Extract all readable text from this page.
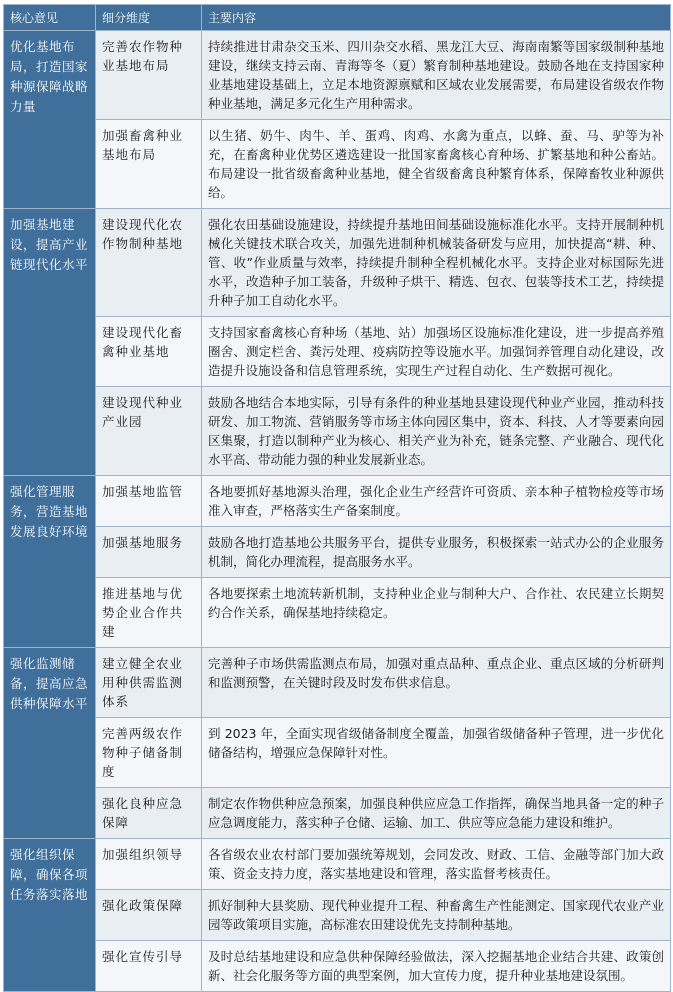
核心意见	细分维度	主要内容
优化基地布局，打造国家种源保障战略力量	完善农作物种业基地布局	持续推进甘肃杂交玉米、四川杂交水稻、黑龙江大豆、海南南繁等国家级制种基地建设，继续支持云南、青海等冬（夏）繁育制种基地建设。鼓励各地在支持国家种业基地建设基础上，立足本地资源禀赋和区域农业发展需要，布局建设省级农作物种业基地，满足多元化生产用种需求。
	加强畜禽种业基地布局	以生猪、奶牛、肉牛、羊、蛋鸡、肉鸡、水禽为重点，以蜂、蚕、马、驴等为补充，在畜禽种业优势区遴选建设一批国家畜禽核心育种场、扩繁基地和种公畜站。布局建设一批省级畜禽种业基地，健全省级畜禽良种繁育体系，保障畜牧业种源供给。
加强基地建设，提高产业链现代化水平	建设现代化农作物制种基地	强化农田基础设施建设，持续提升基地田间基础设施标准化水平。支持开展制种机械化关键技术联合攻关，加强先进制种机械装备研发与应用，加快提高“耕、种、管、收”作业质量与效率，持续提升制种全程机械化水平。支持企业对标国际先进水平，改造种子加工装备，升级种子烘干、精选、包衣、包装等技术工艺，持续提升种子加工自动化水平。
	建设现代化畜禽种业基地	支持国家畜禽核心育种场（基地、站）加强场区设施标准化建设，进一步提高养殖圈舍、测定栏舍、粪污处理、疫病防控等设施水平。加强饲养管理自动化建设，改造提升设施设备和信息管理系统，实现生产过程自动化、生产数据可视化。
	建设现代种业产业园	鼓励各地结合本地实际，引导有条件的种业基地县建设现代种业产业园，推动科技研发、加工物流、营销服务等市场主体向园区集中，资本、科技、人才等要素向园区集聚，打造以制种产业为核心、相关产业为补充，链条完整、产业融合、现代化水平高、带动能力强的种业发展新业态。
强化管理服务，营造基地发展良好环境	加强基地监管	各地要抓好基地源头治理，强化企业生产经营许可资质、亲本种子植物检疫等市场准入审查，严格落实生产备案制度。
	加强基地服务	鼓励各地打造基地公共服务平台，提供专业服务，积极探索一站式办公的企业服务机制，简化办理流程，提高服务水平。
	推进基地与优势企业合作共建	各地要探索土地流转新机制，支持种业企业与制种大户、合作社、农民建立长期契约合作关系，确保基地持续稳定。
强化监测储备，提高应急供种保障水平	建立健全农业用种供需监测体系	完善种子市场供需监测点布局，加强对重点品种、重点企业、重点区域的分析研判和监测预警，在关键时段及时发布供求信息。
	完善两级农作物种子储备制度	到 2023 年，全面实现省级储备制度全覆盖，加强省级储备种子管理，进一步优化储备结构，增强应急保障针对性。
	强化良种应急保障	制定农作物供种应急预案，加强良种供应应急工作指挥，确保当地具备一定的种子应急调度能力，落实种子仓储、运输、加工、供应等应急能力建设和维护。
强化组织保障，确保各项任务落实落地	加强组织领导	各省级农业农村部门要加强统筹规划，会同发改、财政、工信、金融等部门加大政策、资金支持力度，落实基地建设和管理，落实监督考核责任。
	强化政策保障	抓好制种大县奖励、现代种业提升工程、种畜禽生产性能测定、国家现代农业产业园等政策项目实施，高标准农田建设优先支持制种基地。
	强化宣传引导	及时总结基地建设和应急供种保障经验做法，深入挖掘基地企业结合共建、政策创新、社会化服务等方面的典型案例，加大宣传力度，提升种业基地建设氛围。
